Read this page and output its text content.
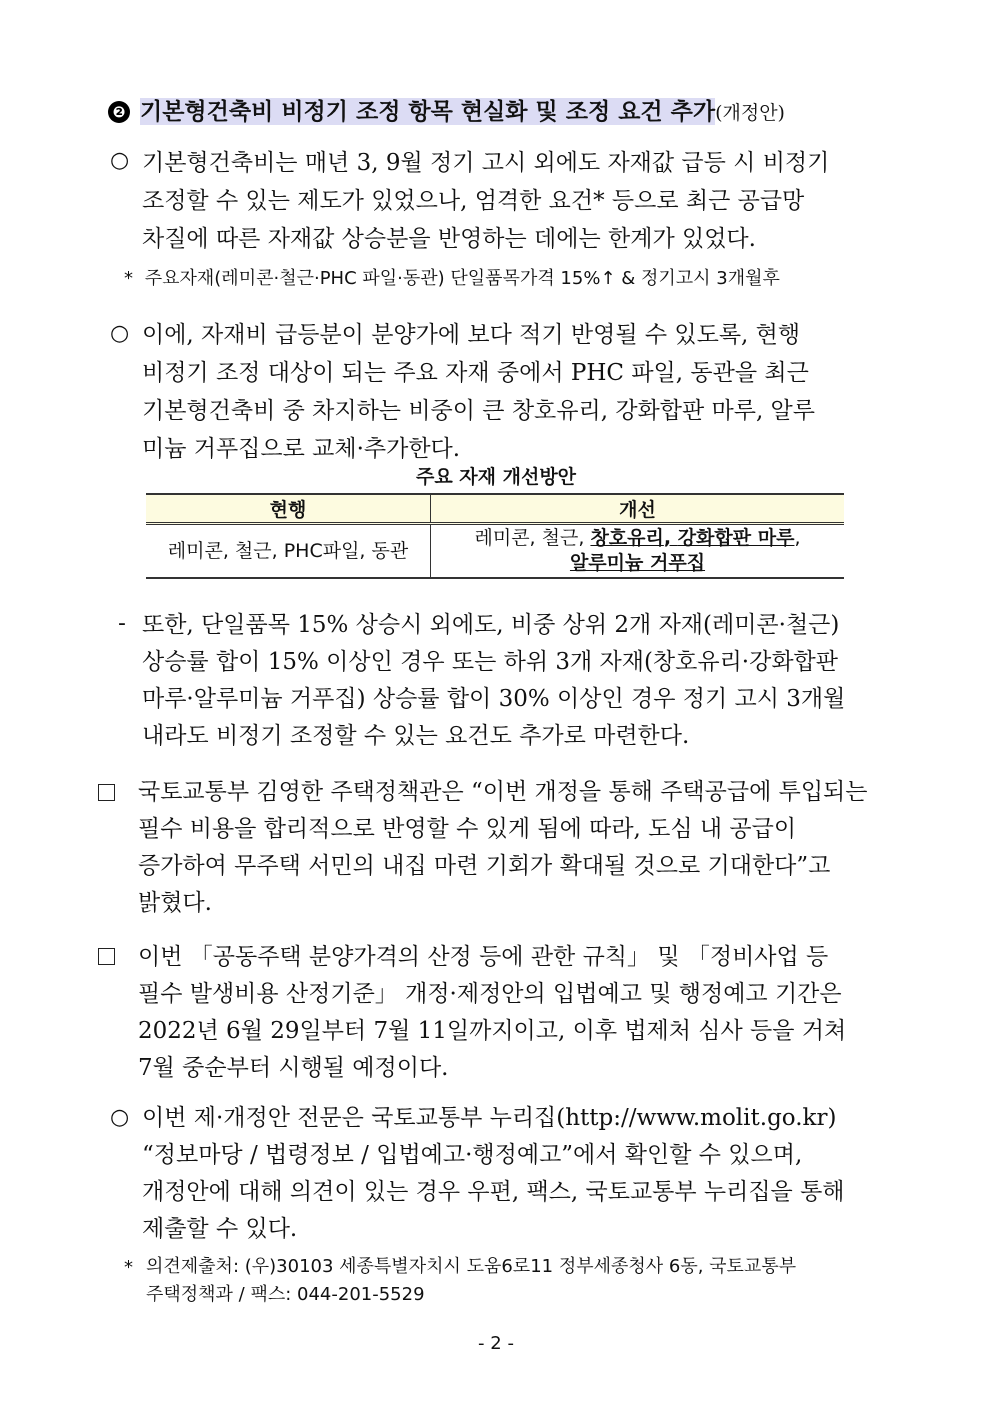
❷ 기본형건축비 비정기 조정 항목 현실화 및 조정 요건 추가(개정안)
○ 기본형건축비는 매년 3, 9월 정기 고시 외에도 자재값 급등 시 비정기
조정할 수 있는 제도가 있었으나, 엄격한 요건* 등으로 최근 공급망
차질에 따른 자재값 상승분을 반영하는 데에는 한계가 있었다.
* 주요자재(레미콘·철근·PHC 파일·동관) 단일품목가격 15%↑ & 정기고시 3개월후
○ 이에, 자재비 급등분이 분양가에 보다 적기 반영될 수 있도록, 현행
비정기 조정 대상이 되는 주요 자재 중에서 PHC 파일, 동관을 최근
기본형건축비 중 차지하는 비중이 큰 창호유리, 강화합판 마루, 알루
미늄 거푸집으로 교체·추가한다.
주요 자재 개선방안
현행	개선
레미콘, 철근, PHC파일, 동관	레미콘, 철근, 창호유리, 강화합판 마루,
알루미늄 거푸집
- 또한, 단일품목 15% 상승시 외에도, 비중 상위 2개 자재(레미콘·철근)
상승률 합이 15% 이상인 경우 또는 하위 3개 자재(창호유리·강화합판
마루·알루미늄 거푸집) 상승률 합이 30% 이상인 경우 정기 고시 3개월
내라도 비정기 조정할 수 있는 요건도 추가로 마련한다.
국토교통부 김영한 주택정책관은 “이번 개정을 통해 주택공급에 투입되는
필수 비용을 합리적으로 반영할 수 있게 됨에 따라, 도심 내 공급이
증가하여 무주택 서민의 내집 마련 기회가 확대될 것으로 기대한다”고
밝혔다.
이번 「공동주택 분양가격의 산정 등에 관한 규칙」 및 「정비사업 등
필수 발생비용 산정기준」 개정·제정안의 입법예고 및 행정예고 기간은
2022년 6월 29일부터 7월 11일까지이고, 이후 법제처 심사 등을 거쳐
7월 중순부터 시행될 예정이다.
○ 이번 제·개정안 전문은 국토교통부 누리집(http://www.molit.go.kr)
“정보마당 / 법령정보 / 입법예고·행정예고”에서 확인할 수 있으며,
개정안에 대해 의견이 있는 경우 우편, 팩스, 국토교통부 누리집을 통해
제출할 수 있다.
* 의견제출처: (우)30103 세종특별자치시 도움6로11 정부세종청사 6동, 국토교통부
주택정책과 / 팩스: 044-201-5529
- 2 -
